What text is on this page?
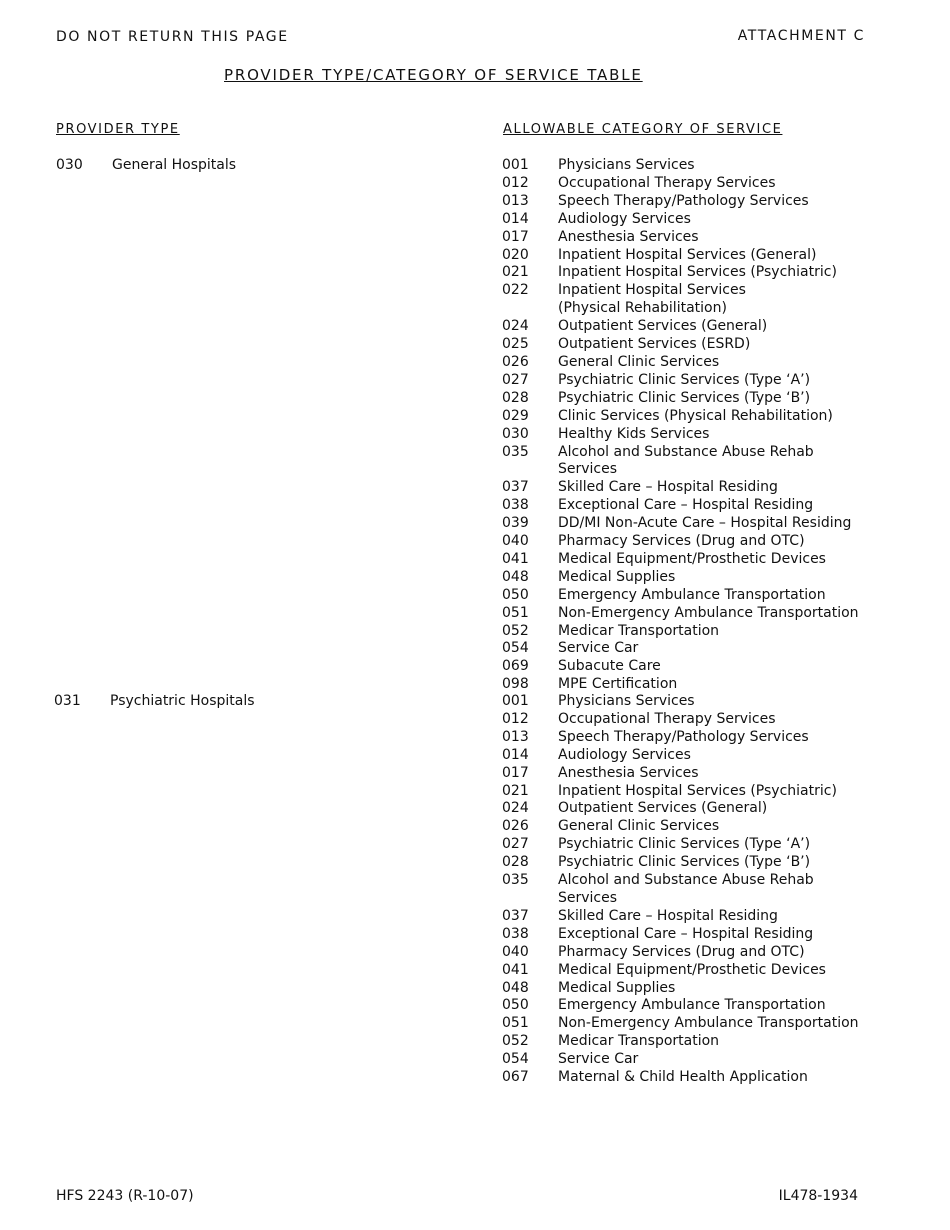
DO NOT RETURN THIS PAGE	ATTACHMENT C
PROVIDER TYPE/CATEGORY OF SERVICE TABLE
PROVIDER TYPE	ALLOWABLE CATEGORY OF SERVICE
030 General Hospitals	001	Physicians Services
012	Occupational Therapy Services
013	Speech Therapy/Pathology Services
014	Audiology Services
017	Anesthesia Services
020	Inpatient Hospital Services (General)
021	Inpatient Hospital Services (Psychiatric)
022	Inpatient Hospital Services (Physical Rehabilitation)
024	Outpatient Services (General)
025	Outpatient Services (ESRD)
026	General Clinic Services
027	Psychiatric Clinic Services (Type ‘A’)
028	Psychiatric Clinic Services (Type ‘B’)
029	Clinic Services (Physical Rehabilitation)
030	Healthy Kids Services
035	Alcohol and Substance Abuse Rehab Services
037	Skilled Care – Hospital Residing
038	Exceptional Care – Hospital Residing
039	DD/MI Non-Acute Care – Hospital Residing
040	Pharmacy Services (Drug and OTC)
041	Medical Equipment/Prosthetic Devices
048	Medical Supplies
050	Emergency Ambulance Transportation
051	Non-Emergency Ambulance Transportation
052	Medicar Transportation
054	Service Car
069	Subacute Care
098	MPE Certification
031 Psychiatric Hospitals	001	Physicians Services
012	Occupational Therapy Services
013	Speech Therapy/Pathology Services
014	Audiology Services
017	Anesthesia Services
021	Inpatient Hospital Services (Psychiatric)
024	Outpatient Services (General)
026	General Clinic Services
027	Psychiatric Clinic Services (Type ‘A’)
028	Psychiatric Clinic Services (Type ‘B’)
035	Alcohol and Substance Abuse Rehab Services
037	Skilled Care – Hospital Residing
038	Exceptional Care – Hospital Residing
040	Pharmacy Services (Drug and OTC)
041	Medical Equipment/Prosthetic Devices
048	Medical Supplies
050	Emergency Ambulance Transportation
051	Non-Emergency Ambulance Transportation
052	Medicar Transportation
054	Service Car
067	Maternal & Child Health Application
HFS 2243 (R-10-07)	IL478-1934
